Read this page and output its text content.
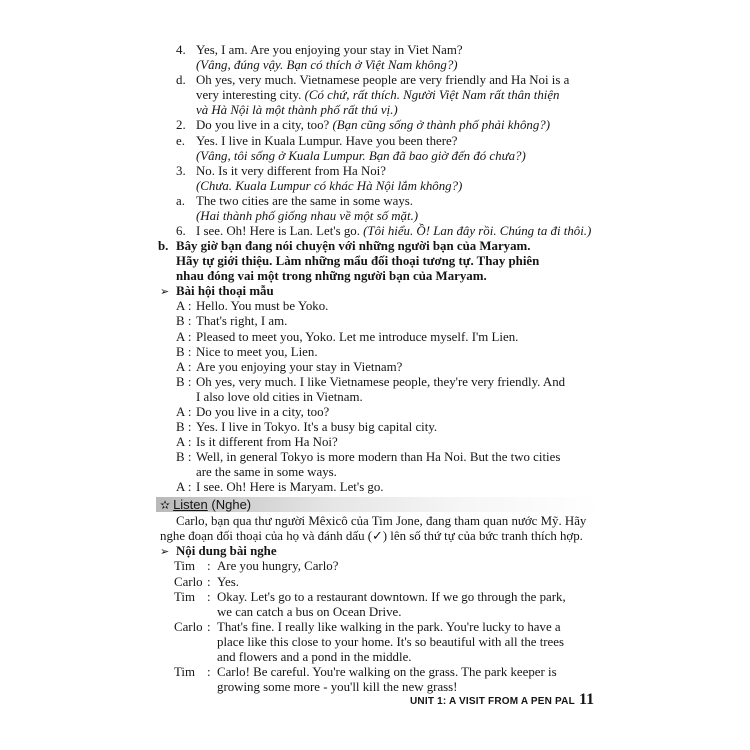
4. Yes, I am. Are you enjoying your stay in Viet Nam?
(Vâng, đúng vậy. Bạn có thích ở Việt Nam không?)
d. Oh yes, very much. Vietnamese people are very friendly and Ha Noi is a
very interesting city. (Có chứ, rất thích. Người Việt Nam rất thân thiện
và Hà Nội là một thành phố rất thú vị.)
2. Do you live in a city, too? (Bạn cũng sống ở thành phố phải không?)
e. Yes. I live in Kuala Lumpur. Have you been there?
(Vâng, tôi sống ở Kuala Lumpur. Bạn đã bao giờ đến đó chưa?)
3. No. Is it very different from Ha Noi?
(Chưa. Kuala Lumpur có khác Hà Nội lắm không?)
a. The two cities are the same in some ways.
(Hai thành phố giống nhau về một số mặt.)
6. I see. Oh! Here is Lan. Let's go. (Tôi hiểu. Ồ! Lan đây rồi. Chúng ta đi thôi.)
b. Bây giờ bạn đang nói chuyện với những người bạn của Maryam.
Hãy tự giới thiệu. Làm những mẩu đối thoại tương tự. Thay phiên
nhau đóng vai một trong những người bạn của Maryam.
➢ Bài hội thoại mẫu
A : Hello. You must be Yoko.
B : That's right, I am.
A : Pleased to meet you, Yoko. Let me introduce myself. I'm Lien.
B : Nice to meet you, Lien.
A : Are you enjoying your stay in Vietnam?
B : Oh yes, very much. I like Vietnamese people, they're very friendly. And
I also love old cities in Vietnam.
A : Do you live in a city, too?
B : Yes. I live in Tokyo. It's a busy big capital city.
A : Is it different from Ha Noi?
B : Well, in general Tokyo is more modern than Ha Noi. But the two cities
are the same in some ways.
A : I see. Oh! Here is Maryam. Let's go.
✫ Listen (Nghe)
Carlo, bạn qua thư người Mêxicô của Tim Jone, đang tham quan nước Mỹ. Hãy
nghe đoạn đối thoại của họ và đánh dấu (✓) lên số thứ tự của bức tranh thích hợp.
➢ Nội dung bài nghe
Tim : Are you hungry, Carlo?
Carlo : Yes.
Tim : Okay. Let's go to a restaurant downtown. If we go through the park,
we can catch a bus on Ocean Drive.
Carlo : That's fine. I really like walking in the park. You're lucky to have a
place like this close to your home. It's so beautiful with all the trees
and flowers and a pond in the middle.
Tim : Carlo! Be careful. You're walking on the grass. The park keeper is
growing some more - you'll kill the new grass!
UNIT 1: A VISIT FROM A PEN PAL 11
